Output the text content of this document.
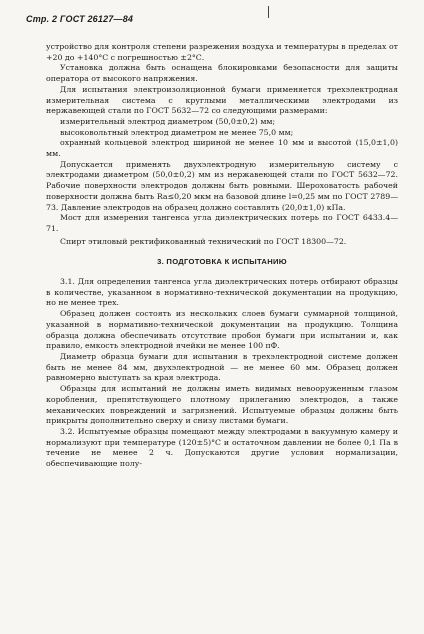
Стр. 2 ГОСТ 26127—84

устройство для контроля степени разрежения воздуха и температуры в пределах от +20 до +140°С с погрешностью ±2°С.

Установка должна быть оснащена блокировками безопасности для защиты оператора от высокого напряжения.

Для испытания электроизоляционной бумаги применяется трехэлектродная измерительная система с круглыми металлическими электродами из нержавеющей стали по ГОСТ 5632—72 со следующими размерами:

измерительный электрод диаметром (50,0±0,2) мм;

высоковольтный электрод диаметром не менее 75,0 мм;

охранный кольцевой электрод шириной не менее 10 мм и высотой (15,0±1,0) мм.

Допускается применять двухэлектродную измерительную систему с электродами диаметром (50,0±0,2) мм из нержавеющей стали по ГОСТ 5632—72. Рабочие поверхности электродов должны быть ровными. Шероховатость рабочей поверхности должна быть Ra≤0,20 мкм на базовой длине l=0,25 мм по ГОСТ 2789—73. Давление электродов на образец должно составлять (20,0±1,0) кПа.

Мост для измерения тангенса угла диэлектрических потерь по ГОСТ 6433.4—71.

Спирт этиловый ректификованный технический по ГОСТ 18300—72.

3. ПОДГОТОВКА К ИСПЫТАНИЮ

3.1. Для определения тангенса угла диэлектрических потерь отбирают образцы в количестве, указанном в нормативно-технической документации на продукцию, но не менее трех.

Образец должен состоять из нескольких слоев бумаги суммарной толщиной, указанной в нормативно-технической документации на продукцию. Толщина образца должна обеспечивать отсутствие пробоя бумаги при испытании и, как правило, емкость электродной ячейки не менее 100 пФ.

Диаметр образца бумаги для испытания в трехэлектродной системе должен быть не менее 84 мм, двухэлектродной — не менее 60 мм. Образец должен равномерно выступать за края электрода.

Образцы для испытаний не должны иметь видимых невооруженным глазом коробления, препятствующего плотному прилеганию электродов, а также механических повреждений и загрязнений. Испытуемые образцы должны быть прикрыты дополнительно сверху и снизу листами бумаги.

3.2. Испытуемые образцы помещают между электродами в вакуумную камеру и нормализуют при температуре (120±5)°С и остаточном давлении не более 0,1 Па в течение не менее 2 ч. Допускаются другие условия нормализации, обеспечивающие полу-
